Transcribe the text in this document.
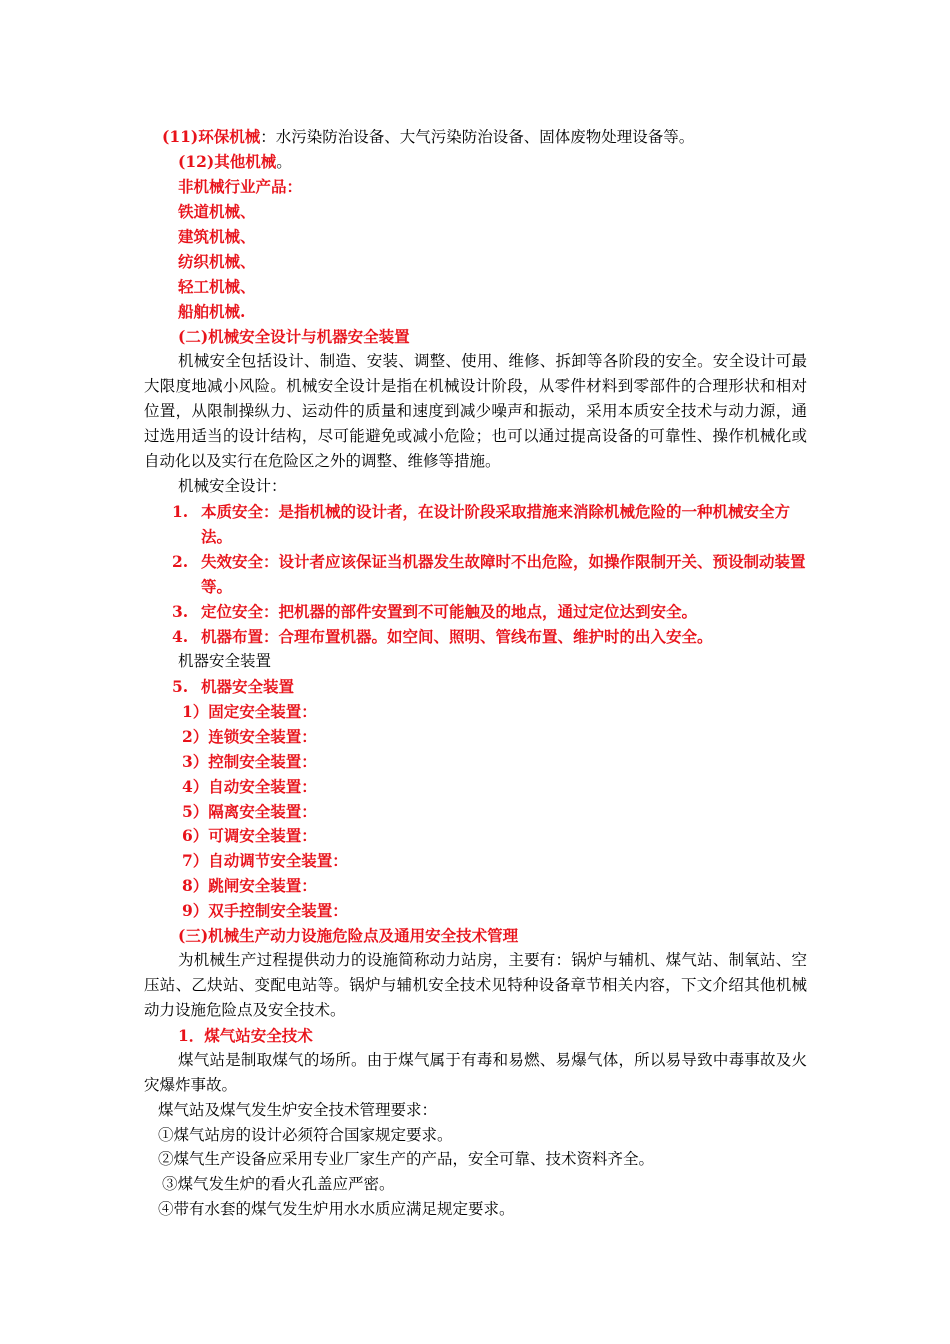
(11)环保机械：水污染防治设备、大气污染防治设备、固体废物处理设备等。
(12)其他机械。
非机械行业产品：
铁道机械、
建筑机械、
纺织机械、
轻工机械、
船舶机械.
(二)机械安全设计与机器安全装置
机械安全包括设计、制造、安装、调整、使用、维修、拆卸等各阶段的安全。安全设计可最大限度地减小风险。机械安全设计是指在机械设计阶段，从零件材料到零部件的合理形状和相对位置，从限制操纵力、运动件的质量和速度到减少噪声和振动，采用本质安全技术与动力源，通过选用适当的设计结构，尽可能避免或减小危险；也可以通过提高设备的可靠性、操作机械化或自动化以及实行在危险区之外的调整、维修等措施。
机械安全设计：
1. 本质安全：是指机械的设计者，在设计阶段采取措施来消除机械危险的一种机械安全方法。
2. 失效安全：设计者应该保证当机器发生故障时不出危险，如操作限制开关、预设制动装置等。
3. 定位安全：把机器的部件安置到不可能触及的地点，通过定位达到安全。
4. 机器布置：合理布置机器。如空间、照明、管线布置、维护时的出入安全。
机器安全装置
5. 机器安全装置
1）固定安全装置：
2）连锁安全装置：
3）控制安全装置：
4）自动安全装置：
5）隔离安全装置：
6）可调安全装置：
7）自动调节安全装置：
8）跳闸安全装置：
9）双手控制安全装置：
(三)机械生产动力设施危险点及通用安全技术管理
为机械生产过程提供动力的设施简称动力站房，主要有：锅炉与辅机、煤气站、制氧站、空压站、乙炔站、变配电站等。锅炉与辅机安全技术见特种设备章节相关内容，下文介绍其他机械动力设施危险点及安全技术。
1．煤气站安全技术
煤气站是制取煤气的场所。由于煤气属于有毒和易燃、易爆气体，所以易导致中毒事故及火灾爆炸事故。
煤气站及煤气发生炉安全技术管理要求：
①煤气站房的设计必须符合国家规定要求。
②煤气生产设备应采用专业厂家生产的产品，安全可靠、技术资料齐全。
③煤气发生炉的看火孔盖应严密。
④带有水套的煤气发生炉用水水质应满足规定要求。
